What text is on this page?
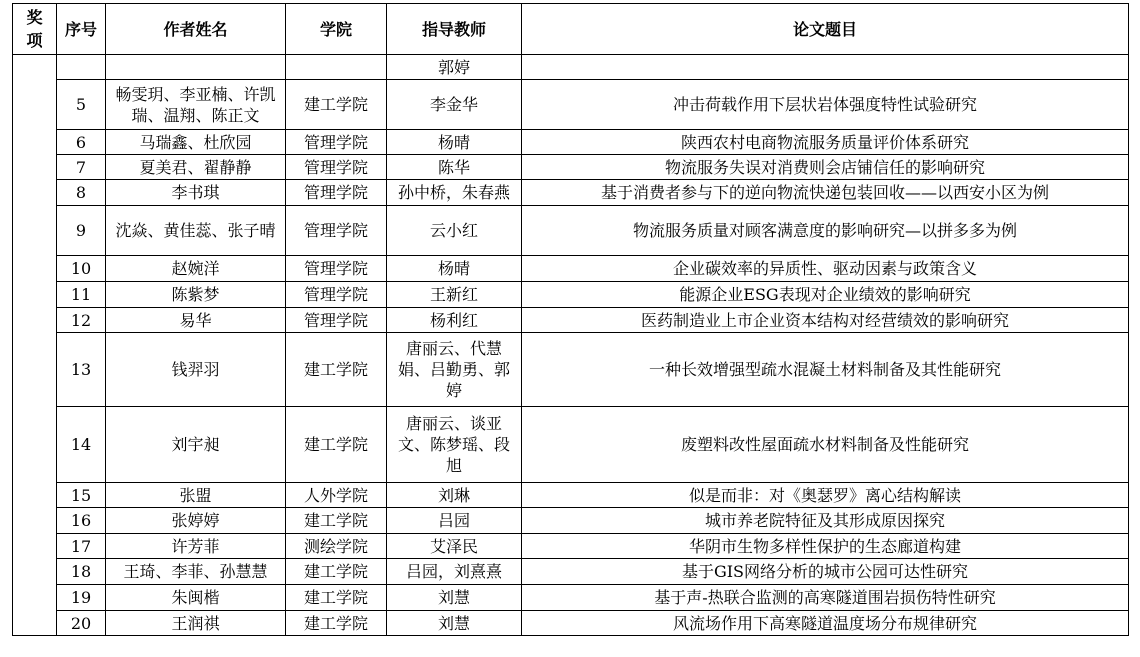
奖项	序号	作者姓名	学院	指导教师	论文题目
				郭婷	
	5	畅雯玥、李亚楠、许凯瑞、温翔、陈正文	建工学院	李金华	冲击荷载作用下层状岩体强度特性试验研究
	6	马瑞鑫、杜欣园	管理学院	杨晴	陕西农村电商物流服务质量评价体系研究
	7	夏美君、翟静静	管理学院	陈华	物流服务失误对消费则会店铺信任的影响研究
	8	李书琪	管理学院	孙中桥，朱春燕	基于消费者参与下的逆向物流快递包装回收——以西安小区为例
	9	沈焱、黄佳蕊、张子晴	管理学院	云小红	物流服务质量对顾客满意度的影响研究—以拼多多为例
	10	赵婉洋	管理学院	杨晴	企业碳效率的异质性、驱动因素与政策含义
	11	陈紫梦	管理学院	王新红	能源企业ESG表现对企业绩效的影响研究
	12	易华	管理学院	杨利红	医药制造业上市企业资本结构对经营绩效的影响研究
	13	钱羿羽	建工学院	唐丽云、代慧娟、吕勤勇、郭婷	一种长效增强型疏水混凝土材料制备及其性能研究
	14	刘宇昶	建工学院	唐丽云、谈亚文、陈梦瑶、段旭	废塑料改性屋面疏水材料制备及性能研究
	15	张盟	人外学院	刘琳	似是而非：对《奥瑟罗》离心结构解读
	16	张婷婷	建工学院	吕园	城市养老院特征及其形成原因探究
	17	许芳菲	测绘学院	艾泽民	华阴市生物多样性保护的生态廊道构建
	18	王琦、李菲、孙慧慧	建工学院	吕园，刘熹熹	基于GIS网络分析的城市公园可达性研究
	19	朱闽楷	建工学院	刘慧	基于声-热联合监测的高寒隧道围岩损伤特性研究
	20	王润祺	建工学院	刘慧	风流场作用下高寒隧道温度场分布规律研究
